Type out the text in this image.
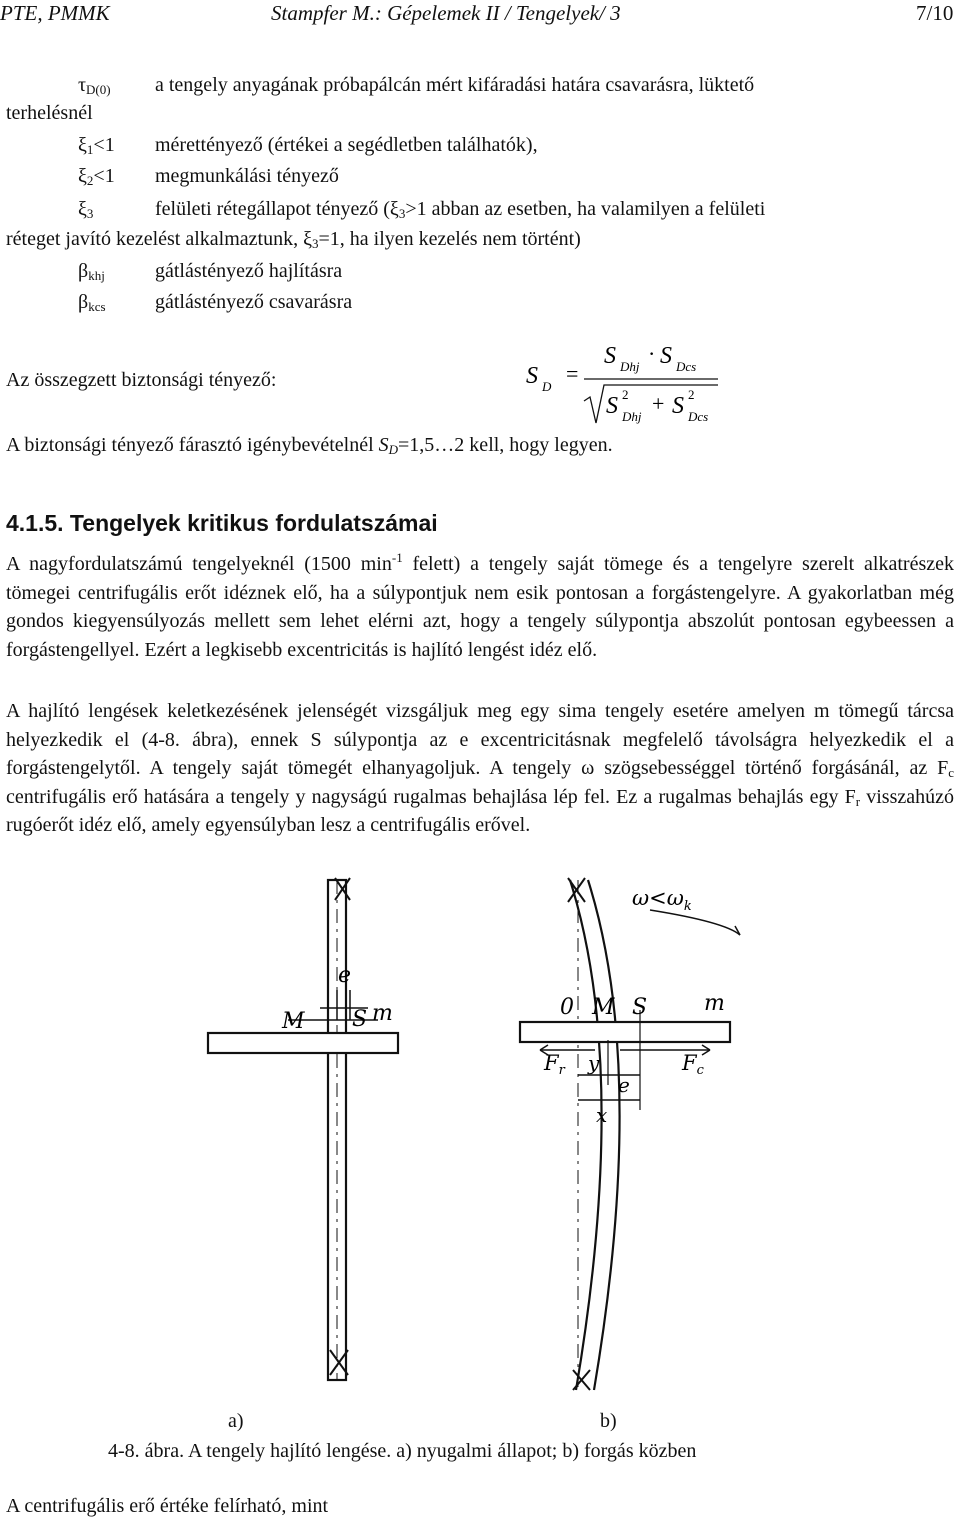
PTE, PMMK	Stampfer M.: Gépelemek II / Tengelyek/ 3	7/10
$\tau_{D(0)}$ a tengely anyagának próbapálcán mért kifáradási határa csavarásra, lüktető
terhelésnél
$\xi_1<1$ mérettényező (értékei a segédletben találhatók),
$\xi_2<1$ megmunkálási tényező
$\xi_3$	felületi rétegállapot tényező ($\xi_3>1$ abban az esetben, ha valamilyen a felületi
réteget javító kezelést alkalmaztunk, $\xi_3=1$, ha ilyen kezelés nem történt)
$\beta_{khj}$	gátlástényező hajlításra
$\beta_{kcs}$ gátlástényező csavarásra
Az összegzett biztonsági tényező:	S D
=
S Dhj
· S Dcs
S 2
Dhj
+ S 2
Dcs
A biztonsági tényező fárasztó igénybevételnél $S_D=1,5\dots 2$ kell, hogy legyen.
4.1.5. Tengelyek kritikus fordulatszámai
A nagyfordulatszámú tengelyeknél (1500 $\min^{-1}$ felett) a tengely saját tömege és a tengelyre szerelt alkatrészek tömegei centrifugális erőt idéznek elő, ha a súlypontjuk nem esik pontosan a forgástengelyre. A gyakorlatban még gondos kiegyensúlyozás mellett sem lehet elérni azt, hogy a tengely súlypontja abszolút pontosan egybeessen a forgástengellyel. Ezért a legkisebb excentricitás is hajlító lengést idéz elő.
A hajlító lengések keletkezésének jelenségét vizsgáljuk meg egy sima tengely esetére amelyen m tömegű tárcsa helyezkedik el (4-8. ábra), ennek S súlypontja az e excentricitásnak megfelelő távolságra helyezkedik el a forgástengelytől. A tengely saját tömegét elhanyagoljuk. A tengely ω szögsebességgel történő forgásánál, az $F_c$ centrifugális erő hatására a tengely y nagyságú rugalmas behajlása lép fel. Ez a rugalmas behajlás egy $F_r$ visszahúzó rugóerőt idéz elő, amely egyensúlyban lesz a centrifugális erővel.
e
M S m
$\omega<\omega_k$
0 M S	m
Fr	Fc
y
e
x
a)	b)
4-8. ábra. A tengely hajlító lengése. a) nyugalmi állapot; b) forgás közben
A centrifugális erő értéke felírható, mint
